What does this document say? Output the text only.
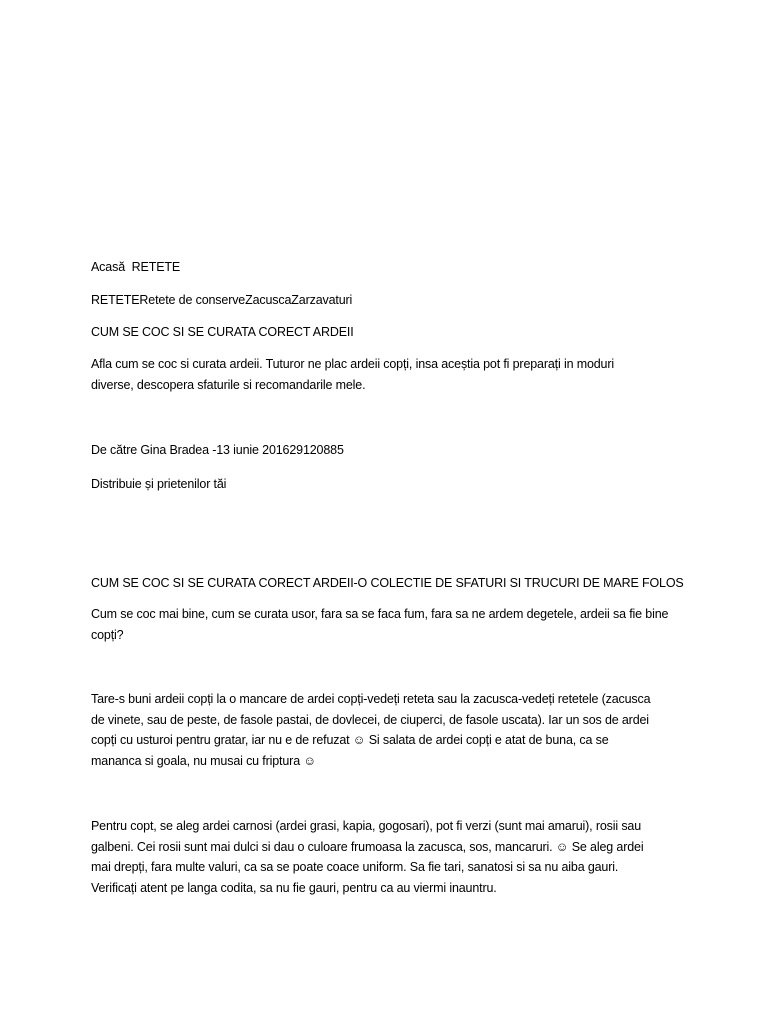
Acasă RETETE
RETETERetete de conserveZacuscaZarzavaturi
CUM SE COC SI SE CURATA CORECT ARDEII
Afla cum se coc si curata ardeii. Tuturor ne plac ardeii copți, insa aceștia pot fi preparați in moduri
diverse, descopera sfaturile si recomandarile mele.
De către Gina Bradea -13 iunie 201629120885
Distribuie și prietenilor tăi
CUM SE COC SI SE CURATA CORECT ARDEII-O COLECTIE DE SFATURI SI TRUCURI DE MARE FOLOS
Cum se coc mai bine, cum se curata usor, fara sa se faca fum, fara sa ne ardem degetele, ardeii sa fie bine
copți?
Tare-s buni ardeii copți la o mancare de ardei copți-vedeți reteta sau la zacusca-vedeți retetele (zacusca
de vinete, sau de peste, de fasole pastai, de dovlecei, de ciuperci, de fasole uscata). Iar un sos de ardei
copți cu usturoi pentru gratar, iar nu e de refuzat ☺ Si salata de ardei copți e atat de buna, ca se
mananca si goala, nu musai cu friptura ☺
Pentru copt, se aleg ardei carnosi (ardei grasi, kapia, gogosari), pot fi verzi (sunt mai amarui), rosii sau
galbeni. Cei rosii sunt mai dulci si dau o culoare frumoasa la zacusca, sos, mancaruri. ☺ Se aleg ardei
mai drepți, fara multe valuri, ca sa se poate coace uniform. Sa fie tari, sanatosi si sa nu aiba gauri.
Verificați atent pe langa codita, sa nu fie gauri, pentru ca au viermi inauntru.
